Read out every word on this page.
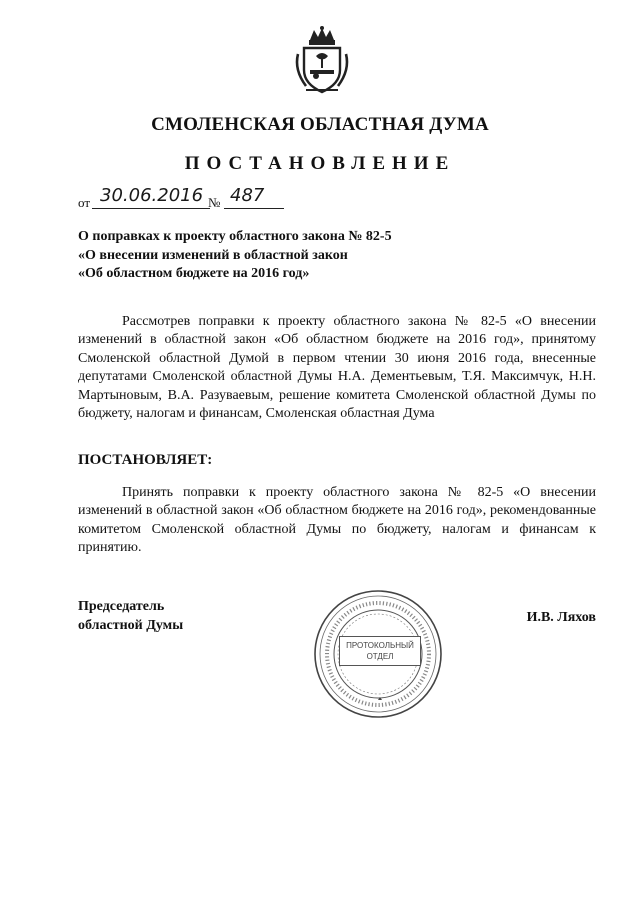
СМОЛЕНСКАЯ ОБЛАСТНАЯ ДУМА
ПОСТАНОВЛЕНИЕ
от 30.06.2016 № 487
О поправках к проекту областного закона № 82-5
«О внесении изменений в областной закон
«Об областном бюджете на 2016 год»
Рассмотрев поправки к проекту областного закона № 82-5 «О внесении изменений в областной закон «Об областном бюджете на 2016 год», принятому Смоленской областной Думой в первом чтении 30 июня 2016 года, внесенные депутатами Смоленской областной Думы Н.А. Дементьевым, Т.Я. Максимчук, Н.Н. Мартыновым, В.А. Разуваевым, решение комитета Смоленской областной Думы по бюджету, налогам и финансам, Смоленская областная Дума
ПОСТАНОВЛЯЕТ:
Принять поправки к проекту областного закона № 82-5 «О внесении изменений в областной закон «Об областном бюджете на 2016 год», рекомендованные комитетом Смоленской областной Думы по бюджету, налогам и финансам к принятию.
Председатель
областной Думы
ПРОТОКОЛЬНЫЙ
ОТДЕЛ
И.В. Ляхов
